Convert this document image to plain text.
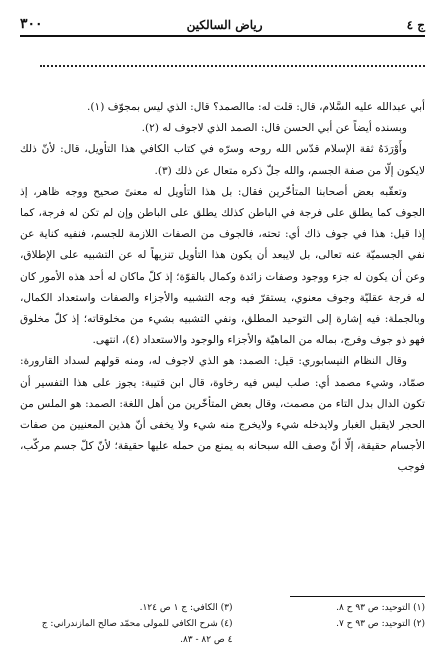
٣٠٠	رياض السالكين	ج ٤

أبي عبدالله عليه السَّلام، قال: قلت له: ماالصمد؟ قال: الذي ليس بمجوّف (١).

وبسنده أيضاً عن أبي الحسن قال: الصمد الذي لاجوف له (٢).

وأَوْرَدَهُ ثقة الإسلام قدّس الله روحه وسرّه في كتاب الكافي هذا التأويل، قال: لأنّ ذلك لايكون إلّا من صفة الجسم، والله جلّ ذكره متعال عن ذلك (٣).

وتعقّبه بعض أصحابنا المتأخّرين فقال: بل هذا التأويل له معنىً صحيح ووجه ظاهر، إذ الجوف كما يطلق على فرجة في الباطن كذلك يطلق على الباطن وإن لم تكن له فرجة، كما إذا قيل: هذا في جوف ذاك أي: تحته، فالجوف من الصفات اللازمة للجسم، فنفيه كناية عن نفي الجسميّة عنه تعالى، بل لايبعد أن يكون هذا التأويل تنزيهاً له عن التشبيه على الإطلاق، وعن أن يكون له جزء ووجود وصفات زائدة وكمال بالقوّة؛ إذ كلّ ماكان له أحد هذه الأمور كان له فرجة عقليّة وجوف معنوي، يستقرّ فيه وجه التشبيه والأجزاء والصفات واستعداد الكمال، وبالجملة: فيه إشارة إلى التوحيد المطلق، ونفي التشبيه بشيء من مخلوقاته؛ إذ كلّ مخلوق فهو ذو جوف وفرج، بماله من الماهيّة والأجزاء والوجود والاستعداد (٤)، انتهى.

وقال النظام النيسابوري: قيل: الصمد: هو الذي لاجوف له، ومنه قولهم لسداد القارورة: صمّاد، وشيء مصمد أي: صلب ليس فيه رخاوة، قال ابن قتيبة: يجوز على هذا التفسير أن تكون الدال بدل التاء من مصمت، وقال بعض المتأخّرين من أهل اللغة: الصمد: هو الملس من الحجر لايقبل الغبار ولايدخله شيء ولايخرج منه شيء ولا يخفى أنّ هذين المعنيين من صفات الأجسام حقيقة، إلّا أنّ وصف الله سبحانه به يمنع من حمله عليها حقيقة؛ لأنّ كلّ جسم مركّب، فوجب

(١) التوحيد: ص ٩٣ ح ٨.
(٣) الكافي: ج ١ ص ١٢٤.
(٢) التوحيد: ص ٩٣ ح ٧.
(٤) شرح الكافي للمولى محمّد صالح المازندراني: ج ٤ ص ٨٢ - ٨٣.
